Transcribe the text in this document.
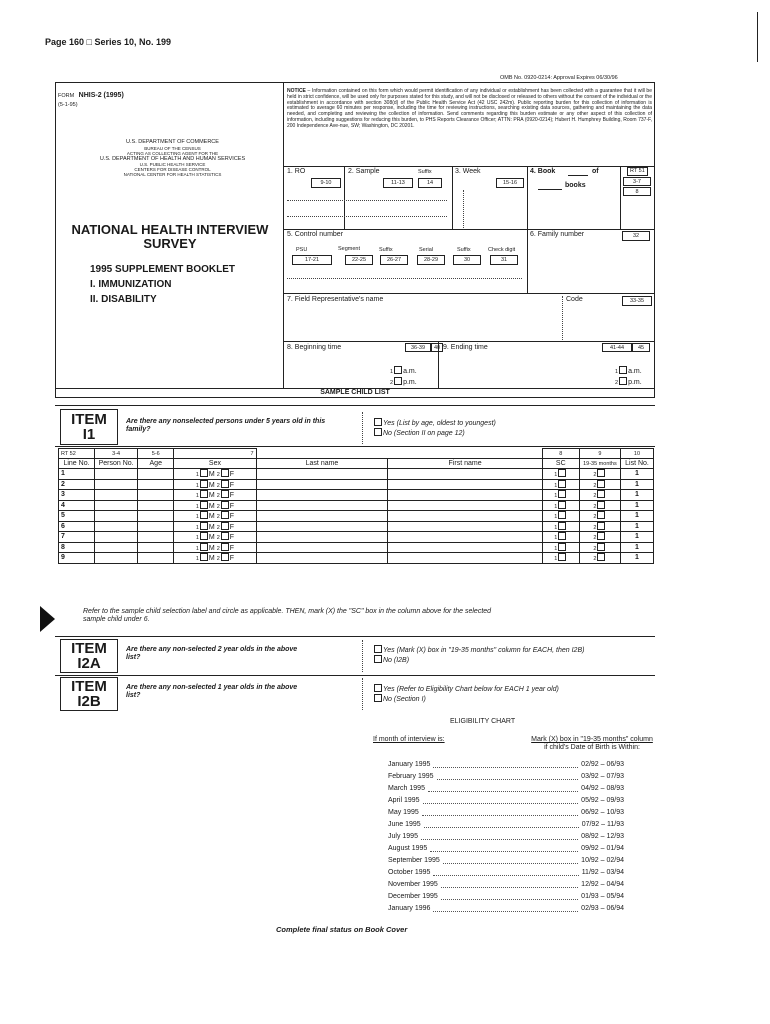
Page 160 □ Series 10, No. 199
OMB No. 0920-0214: Approval Expires 06/30/96
FORM NHIS-2 (1995)
(5-1-95)
U.S. DEPARTMENT OF COMMERCE
BUREAU OF THE CENSUS
ACTING AS COLLECTING AGENT FOR THE
U.S. DEPARTMENT OF HEALTH AND HUMAN SERVICES
U.S. PUBLIC HEALTH SERVICE
CENTERS FOR DISEASE CONTROL
NATIONAL CENTER FOR HEALTH STATISTICS
NATIONAL HEALTH INTERVIEW
SURVEY
1995 SUPPLEMENT BOOKLET
I. IMMUNIZATION
II. DISABILITY
NOTICE – Information contained on this form which would permit identification of any individual or establishment has been collected with a guarantee that it will be held in strict confidence, will be used only for purposes stated for this study, and will not be disclosed or released to others without the consent of the individual or the establishment in accordance with section 308(d) of the Public Health Service Act (42 USC 242m). Public reporting burden for this collection of information is estimated to average 60 minutes per response, including the time for reviewing instructions, searching existing data sources, gathering and maintaining the data needed, and completing and reviewing the collection of information. Send comments regarding this burden estimate or any other aspect of this collection of information, including suggestions for reducing this burden, to PHS Reports Clearance Officer; ATTN: PRA (0920-0214); Hubert H. Humphrey Building, Room 737-F, 200 Independence Ave-nue, SW; Washington, DC 20201.
1. RO
9-10
2. Sample	Suffix
11-13	14
3. Week
15-16
4. Book	of
books
RT 51
3-7
8
5. Control number
PSU	Segment	Suffix	Serial	Suffix	Check digit
17-21	22-25	26-27	28-29	30	31
6. Family number	32
7. Field Representative's name	Code	33-35
8. Beginning time	36-39	40
1 a.m.
2 p.m.
9. Ending time	41-44	45
1 a.m.
2 p.m.
SAMPLE CHILD LIST
ITEM
I1
Are there any nonselected persons under 5 years old in this family?
Yes (List by age, oldest to youngest)
No (Section II on page 12)
RT 52	3-4	5-6	7			8	9	10
Line No.	Person No.	Age	Sex	Last name	First name	SC	19-35 months	List No.
1			1 M 2 F			1	2	1
2			1 M 2 F			1	2	1
3			1 M 2 F			1	2	1
4			1 M 2 F			1	2	1
5			1 M 2 F			1	2	1
6			1 M 2 F			1	2	1
7			1 M 2 F			1	2	1
8			1 M 2 F			1	2	1
9			1 M 2 F			1	2	1
Refer to the sample child selection label and circle as applicable. THEN, mark (X) the "SC" box in the column above for the selected sample child under 6.
ITEM
I2A
Are there any non-selected 2 year olds in the above list?
Yes (Mark (X) box in "19-35 months" column for EACH, then I2B)
No (I2B)
ITEM
I2B
Are there any non-selected 1 year olds in the above list?
Yes (Refer to Eligibility Chart below for EACH 1 year old)
No (Section I)
ELIGIBILITY CHART
If month of interview is:	Mark (X) box in "19-35 months" column
if child's Date of Birth is Within:
January 1995	02/92 – 06/93
February 1995	03/92 – 07/93
March 1995	04/92 – 08/93
April 1995	05/92 – 09/93
May 1995	06/92 – 10/93
June 1995	07/92 – 11/93
July 1995	08/92 – 12/93
August 1995	09/92 – 01/94
September 1995	10/92 – 02/94
October 1995	11/92 – 03/94
November 1995	12/92 – 04/94
December 1995	01/93 – 05/94
January 1996	02/93 – 06/94
Complete final status on Book Cover
